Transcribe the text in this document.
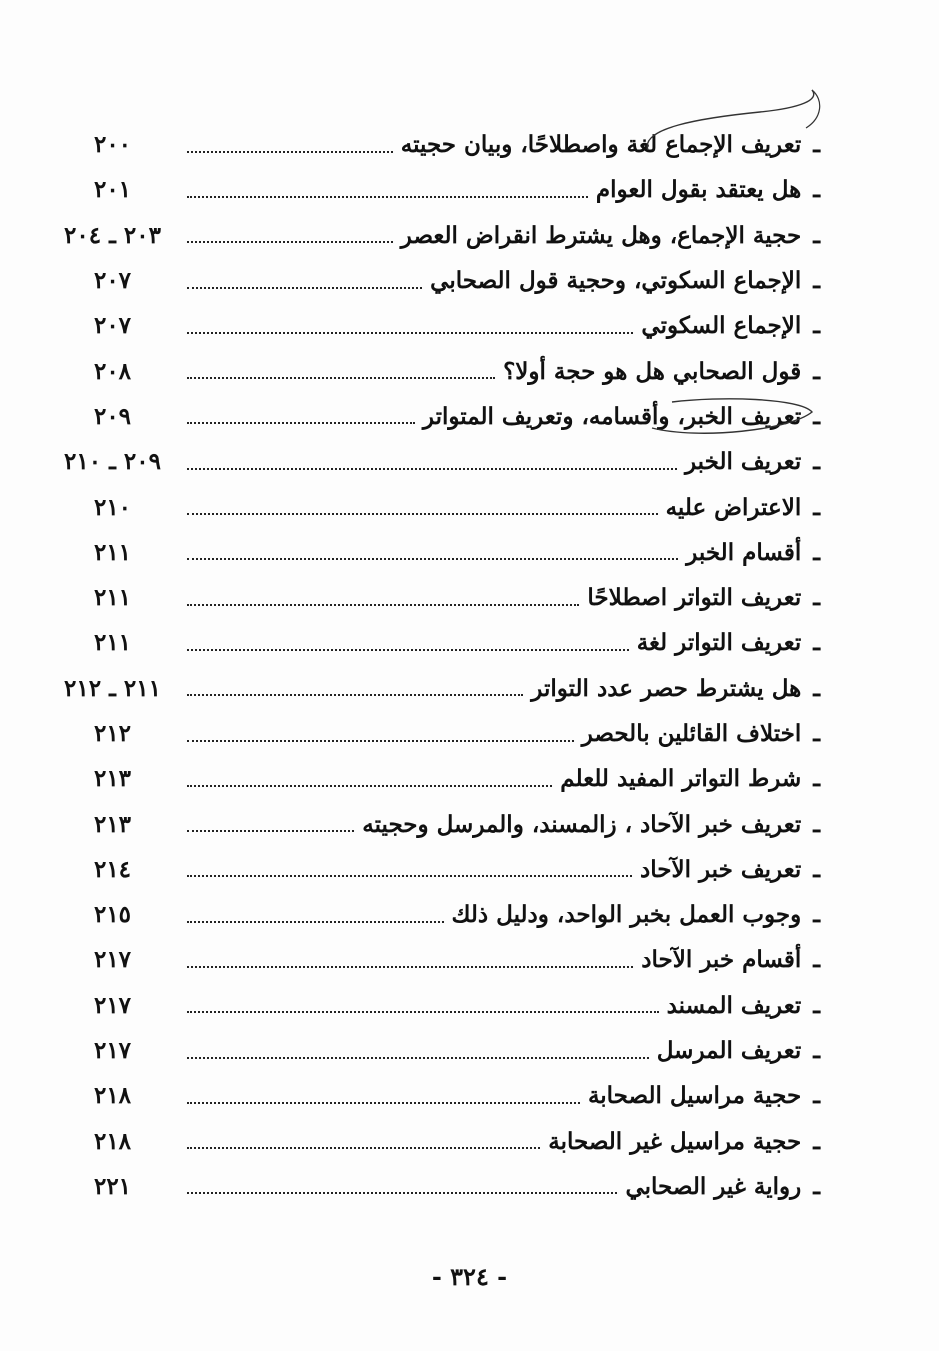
٢٠٠	ـ تعريف الإجماع لغة واصطلاحًا، وبيان حجيته
٢٠١	ـ هل يعتقد بقول العوام
٢٠٣ ـ ٢٠٤	ـ حجية الإجماع، وهل يشترط انقراض العصر
٢٠٧	ـ الإجماع السكوتي، وحجية قول الصحابي
٢٠٧	ـ الإجماع السكوتي
٢٠٨	ـ قول الصحابي هل هو حجة أولا؟
٢٠٩	ـ تعريف الخبر، وأقسامه، وتعريف المتواتر
٢٠٩ ـ ٢١٠	ـ تعريف الخبر
٢١٠	ـ الاعتراض عليه
٢١١	ـ أقسام الخبر
٢١١	ـ تعريف التواتر اصطلاحًا
٢١١	ـ تعريف التواتر لغة
٢١١ ـ ٢١٢	ـ هل يشترط حصر عدد التواتر
٢١٢	ـ اختلاف القائلين بالحصر
٢١٣	ـ شرط التواتر المفيد للعلم
٢١٣	ـ تعريف خبر الآحاد ، زالمسند، والمرسل وحجيته
٢١٤	ـ تعريف خبر الآحاد
٢١٥	ـ وجوب العمل بخبر الواحد، ودليل ذلك
٢١٧	ـ أقسام خبر الآحاد
٢١٧	ـ تعريف المسند
٢١٧	ـ تعريف المرسل
٢١٨	ـ حجية مراسيل الصحابة
٢١٨	ـ حجية مراسيل غير الصحابة
٢٢١	ـ رواية غير الصحابي
- ٣٢٤ -
